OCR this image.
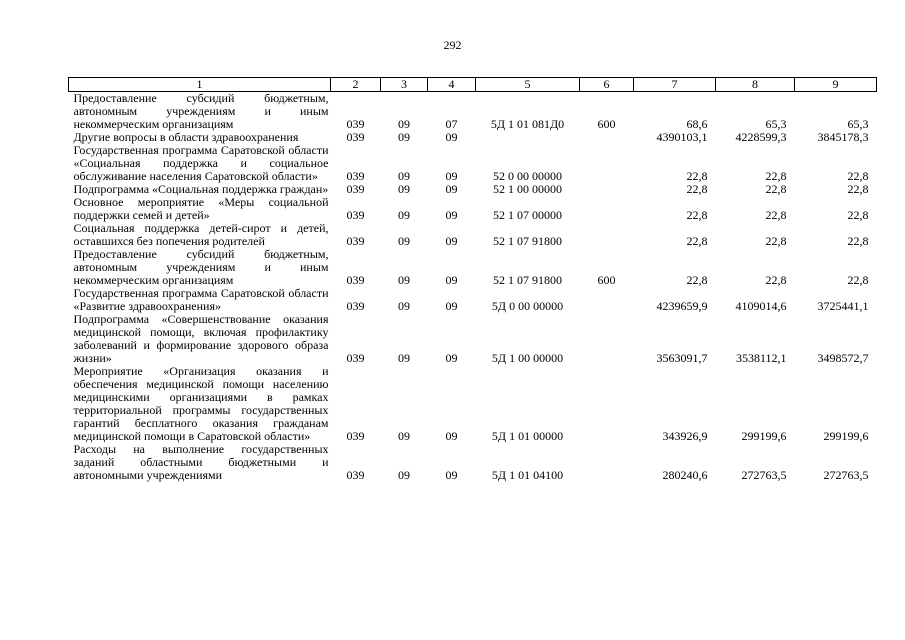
292
1	2	3	4	5	6	7	8	9
Предоставление субсидий бюджетным, автономным учреждениям и иным некоммерческим организациям	039	09	07	5Д 1 01 081Д0	600	68,6	65,3	65,3
Другие вопросы в области здравоохранения	039	09	09			4390103,1	4228599,3	3845178,3
Государственная программа Саратовской области «Социальная поддержка и социальное обслуживание населения Саратовской области»	039	09	09	52 0 00 00000		22,8	22,8	22,8
Подпрограмма «Социальная поддержка граждан»	039	09	09	52 1 00 00000		22,8	22,8	22,8
Основное мероприятие «Меры социальной поддержки семей и детей»	039	09	09	52 1 07 00000		22,8	22,8	22,8
Социальная поддержка детей-сирот и детей, оставшихся без попечения родителей	039	09	09	52 1 07 91800		22,8	22,8	22,8
Предоставление субсидий бюджетным, автономным учреждениям и иным некоммерческим организациям	039	09	09	52 1 07 91800	600	22,8	22,8	22,8
Государственная программа Саратовской области «Развитие здравоохранения»	039	09	09	5Д 0 00 00000		4239659,9	4109014,6	3725441,1
Подпрограмма «Совершенствование оказания медицинской помощи, включая профилактику заболеваний и формирование здорового образа жизни»	039	09	09	5Д 1 00 00000		3563091,7	3538112,1	3498572,7
Мероприятие «Организация оказания и обеспечения медицинской помощи населению медицинскими организациями в рамках территориальной программы государственных гарантий бесплатного оказания гражданам медицинской помощи в Саратовской области»	039	09	09	5Д 1 01 00000		343926,9	299199,6	299199,6
Расходы на выполнение государственных заданий областными бюджетными и автономными учреждениями	039	09	09	5Д 1 01 04100		280240,6	272763,5	272763,5
